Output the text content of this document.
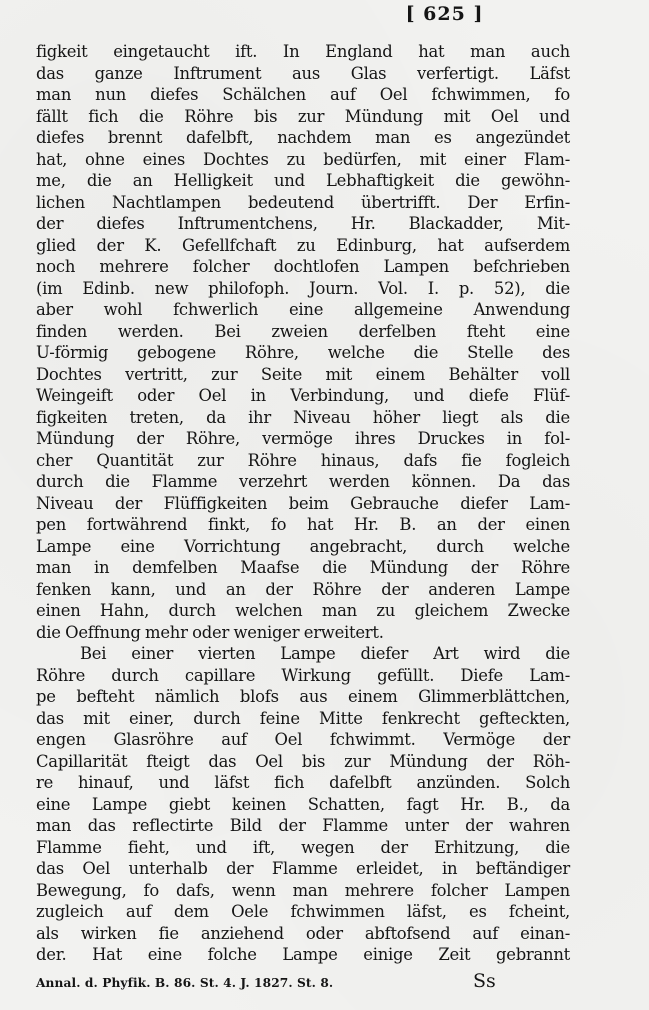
[ 625 ]
figkeit eingetaucht ift. In England hat man auch
das ganze Inftrument aus Glas verfertigt. Läfst
man nun diefes Schälchen auf Oel fchwimmen, fo
fällt fich die Röhre bis zur Mündung mit Oel und
diefes brennt dafelbft, nachdem man es angezündet
hat, ohne eines Dochtes zu bedürfen, mit einer Flam-
me, die an Helligkeit und Lebhaftigkeit die gewöhn-
lichen Nachtlampen bedeutend übertrifft. Der Erfin-
der diefes Inftrumentchens, Hr. Blackadder, Mit-
glied der K. Gefellfchaft zu Edinburg, hat aufserdem
noch mehrere folcher dochtlofen Lampen befchrieben
(im Edinb. new philofoph. Journ. Vol. I. p. 52), die
aber wohl fchwerlich eine allgemeine Anwendung
finden werden. Bei zweien derfelben fteht eine
U-förmig gebogene Röhre, welche die Stelle des
Dochtes vertritt, zur Seite mit einem Behälter voll
Weingeift oder Oel in Verbindung, und diefe Flüf-
figkeiten treten, da ihr Niveau höher liegt als die
Mündung der Röhre, vermöge ihres Druckes in fol-
cher Quantität zur Röhre hinaus, dafs fie fogleich
durch die Flamme verzehrt werden können. Da das
Niveau der Flüffigkeiten beim Gebrauche diefer Lam-
pen fortwährend finkt, fo hat Hr. B. an der einen
Lampe eine Vorrichtung angebracht, durch welche
man in demfelben Maafse die Mündung der Röhre
fenken kann, und an der Röhre der anderen Lampe
einen Hahn, durch welchen man zu gleichem Zwecke
die Oeffnung mehr oder weniger erweitert.
Bei einer vierten Lampe diefer Art wird die
Röhre durch capillare Wirkung gefüllt. Diefe Lam-
pe befteht nämlich blofs aus einem Glimmerblättchen,
das mit einer, durch feine Mitte fenkrecht gefteckten,
engen Glasröhre auf Oel fchwimmt. Vermöge der
Capillarität fteigt das Oel bis zur Mündung der Röh-
re hinauf, und läfst fich dafelbft anzünden. Solch
eine Lampe giebt keinen Schatten, fagt Hr. B., da
man das reflectirte Bild der Flamme unter der wahren
Flamme fieht, und ift, wegen der Erhitzung, die
das Oel unterhalb der Flamme erleidet, in beftändiger
Bewegung, fo dafs, wenn man mehrere folcher Lampen
zugleich auf dem Oele fchwimmen läfst, es fcheint,
als wirken fie anziehend oder abftofsend auf einan-
der. Hat eine folche Lampe einige Zeit gebrannt
Annal. d. Phyfik. B. 86. St. 4. J. 1827. St. 8.	Ss
